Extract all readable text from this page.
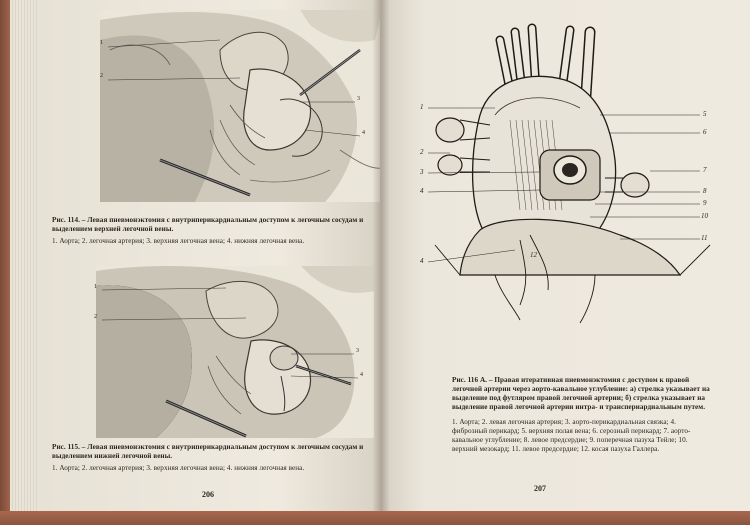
1
2
3
4
Рис. 114. – Левая пневмонэктомия с внутриперикардиальным доступом к легочным сосудам и выделением верхней легочной вены.
1. Аорта; 2. легочная артерия; 3. верхняя легочная вена; 4. нижняя легочная вена.
1
2
3
4
Рис. 115. – Левая пневмонэктомия с внутриперикардиальным доступом к легочным сосудам и выделением нижней легочной вены.
1. Аорта; 2. легочная артерия; 3. верхняя легочная вена; 4. нижняя легочная вена.
206
1
2
3
4
4
5
6
7
8
9
10
11
12
Рис. 116 А. – Правая итеративная пневмонэктомия с доступом к правой легочной артерии через аорто-кавальное углубление: а) стрелка указывает на выделение под футляром правой легочной артерии; б) стрелка указывает на выделение правой легочной артерии интра- и транспериардиальным путем.
1. Аорта; 2. левая легочная артерия; 3. аорто-перикардиальная связка; 4. фиброзный перикард; 5. верхняя полая вена; 6. серозный перикард; 7. аорто-кавальное углубление; 8. левое предсердие; 9. поперечная пазуха Тейле; 10. верхний мезокард; 11. левое предсердие; 12. косая пазуха Галлера.
207
